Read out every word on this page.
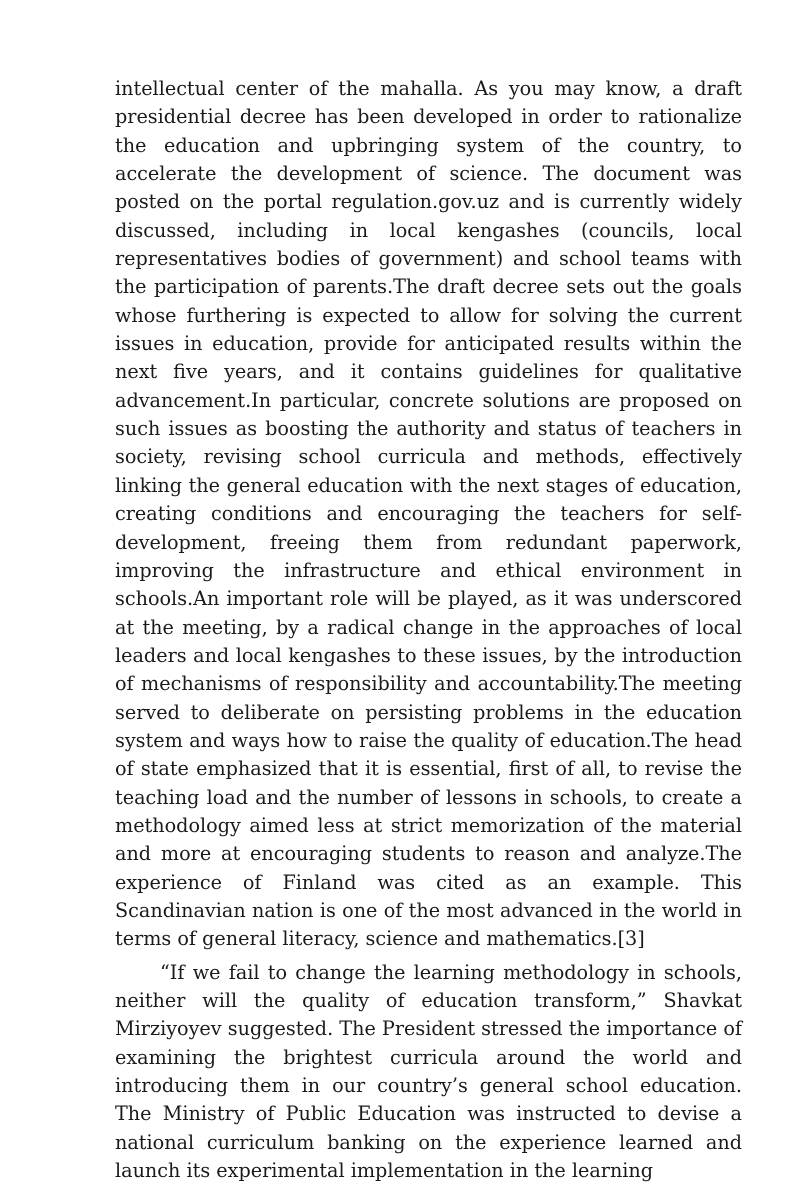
intellectual center of the mahalla. As you may know, a draft presidential decree has been developed in order to rationalize the education and upbringing system of the country, to accelerate the development of science. The document was posted on the portal regulation.gov.uz and is currently widely discussed, including in local kengashes (councils, local representatives bodies of government) and school teams with the participation of parents.The draft decree sets out the goals whose furthering is expected to allow for solving the current issues in education, provide for anticipated results within the next five years, and it contains guidelines for qualitative advancement.In particular, concrete solutions are proposed on such issues as boosting the authority and status of teachers in society, revising school curricula and methods, effectively linking the general education with the next stages of education, creating conditions and encouraging the teachers for self-development, freeing them from redundant paperwork, improving the infrastructure and ethical environment in schools.An important role will be played, as it was underscored at the meeting, by a radical change in the approaches of local leaders and local kengashes to these issues, by the introduction of mechanisms of responsibility and accountability.The meeting served to deliberate on persisting problems in the education system and ways how to raise the quality of education.The head of state emphasized that it is essential, first of all, to revise the teaching load and the number of lessons in schools, to create a methodology aimed less at strict memorization of the material and more at encouraging students to reason and analyze.The experience of Finland was cited as an example. This Scandinavian nation is one of the most advanced in the world in terms of general literacy, science and mathematics.[3]

“If we fail to change the learning methodology in schools, neither will the quality of education transform,” Shavkat Mirziyoyev suggested. The President stressed the importance of examining the brightest curricula around the world and introducing them in our country’s general school education. The Ministry of Public Education was instructed to devise a national curriculum banking on the experience learned and launch its experimental implementation in the learning
